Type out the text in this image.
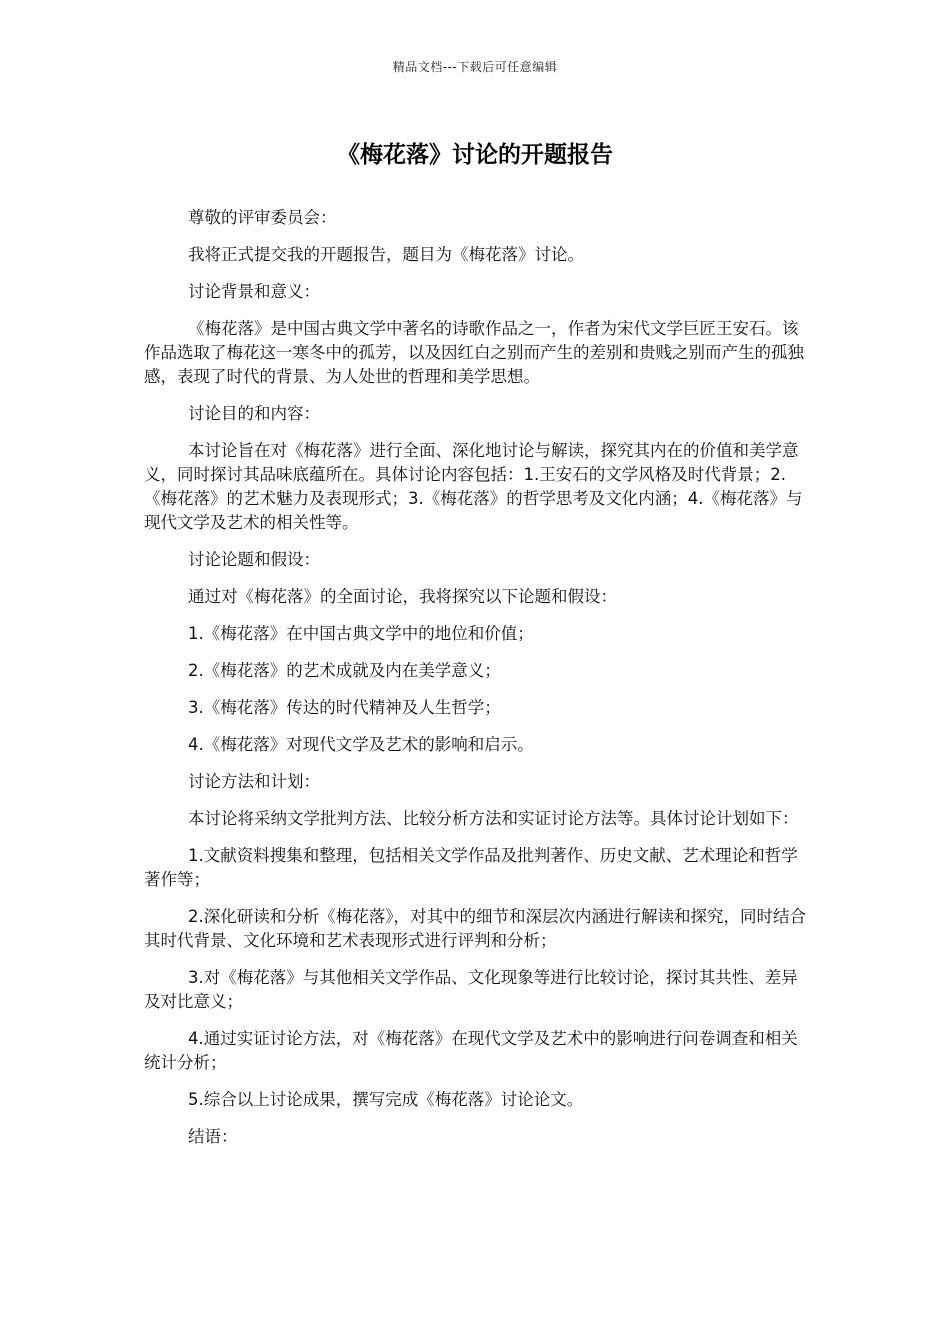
精品文档---下载后可任意编辑
《梅花落》讨论的开题报告

尊敬的评审委员会：

我将正式提交我的开题报告，题目为《梅花落》讨论。

讨论背景和意义：

《梅花落》是中国古典文学中著名的诗歌作品之一，作者为宋代文学巨匠王安石。该作品选取了梅花这一寒冬中的孤芳，以及因红白之别而产生的差别和贵贱之别而产生的孤独感，表现了时代的背景、为人处世的哲理和美学思想。

讨论目的和内容：

本讨论旨在对《梅花落》进行全面、深化地讨论与解读，探究其内在的价值和美学意义，同时探讨其品味底蕴所在。具体讨论内容包括：1.王安石的文学风格及时代背景；2.《梅花落》的艺术魅力及表现形式；3.《梅花落》的哲学思考及文化内涵；4.《梅花落》与现代文学及艺术的相关性等。

讨论论题和假设：

通过对《梅花落》的全面讨论，我将探究以下论题和假设：

1.《梅花落》在中国古典文学中的地位和价值；

2.《梅花落》的艺术成就及内在美学意义；

3.《梅花落》传达的时代精神及人生哲学；

4.《梅花落》对现代文学及艺术的影响和启示。

讨论方法和计划：

本讨论将采纳文学批判方法、比较分析方法和实证讨论方法等。具体讨论计划如下：

1.文献资料搜集和整理，包括相关文学作品及批判著作、历史文献、艺术理论和哲学著作等；

2.深化研读和分析《梅花落》，对其中的细节和深层次内涵进行解读和探究，同时结合其时代背景、文化环境和艺术表现形式进行评判和分析；

3.对《梅花落》与其他相关文学作品、文化现象等进行比较讨论，探讨其共性、差异及对比意义；

4.通过实证讨论方法，对《梅花落》在现代文学及艺术中的影响进行问卷调查和相关统计分析；

5.综合以上讨论成果，撰写完成《梅花落》讨论论文。

结语：
